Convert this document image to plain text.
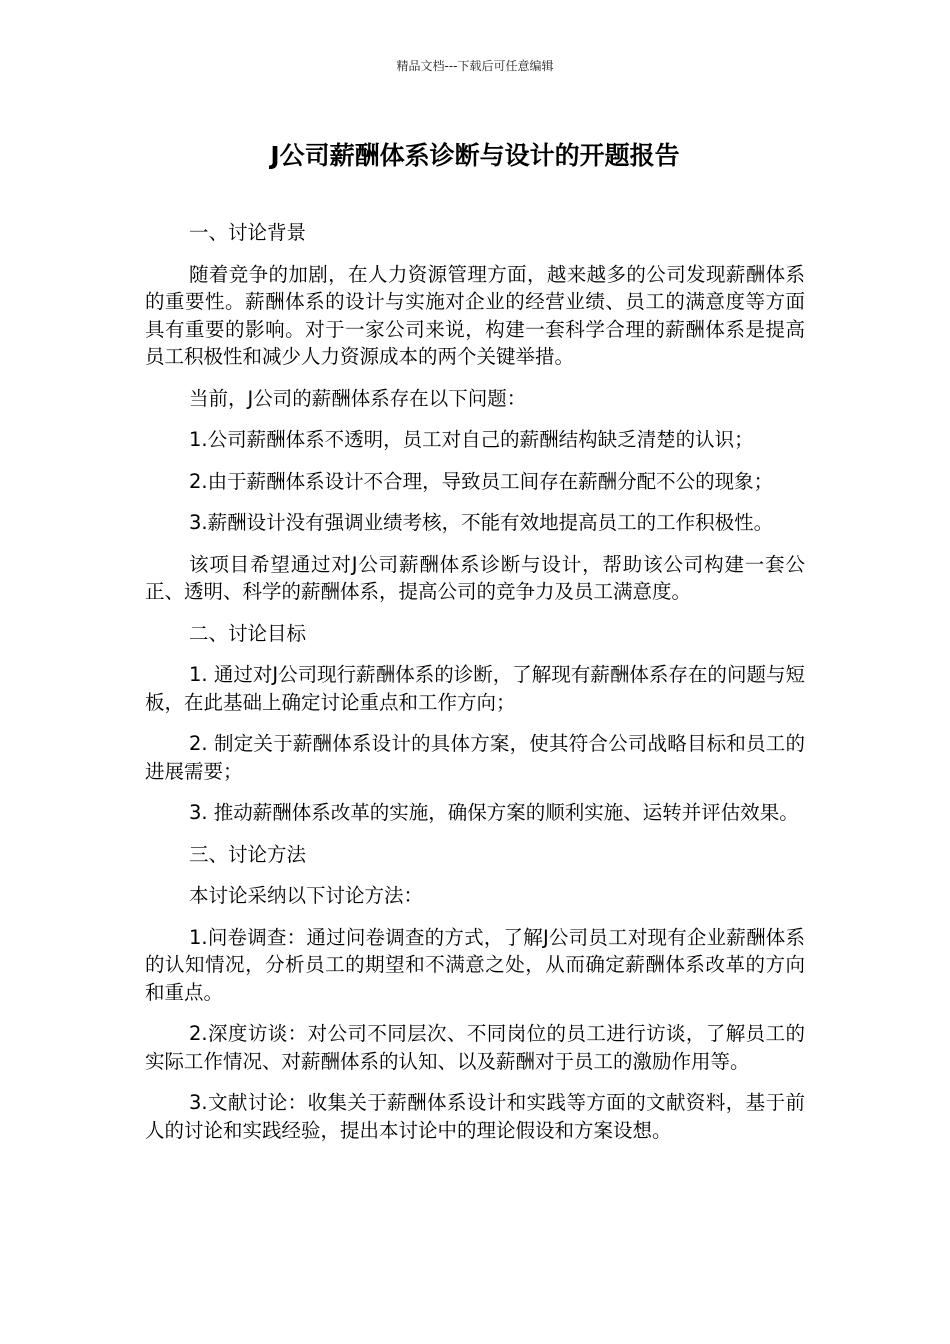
精品文档---下载后可任意编辑
J公司薪酬体系诊断与设计的开题报告

一、讨论背景

随着竞争的加剧，在人力资源管理方面，越来越多的公司发现薪酬体系的重要性。薪酬体系的设计与实施对企业的经营业绩、员工的满意度等方面具有重要的影响。对于一家公司来说，构建一套科学合理的薪酬体系是提高员工积极性和减少人力资源成本的两个关键举措。

当前，J公司的薪酬体系存在以下问题：

1.公司薪酬体系不透明，员工对自己的薪酬结构缺乏清楚的认识；

2.由于薪酬体系设计不合理，导致员工间存在薪酬分配不公的现象；

3.薪酬设计没有强调业绩考核，不能有效地提高员工的工作积极性。

该项目希望通过对J公司薪酬体系诊断与设计，帮助该公司构建一套公正、透明、科学的薪酬体系，提高公司的竞争力及员工满意度。

二、讨论目标

1. 通过对J公司现行薪酬体系的诊断，了解现有薪酬体系存在的问题与短板，在此基础上确定讨论重点和工作方向；

2. 制定关于薪酬体系设计的具体方案，使其符合公司战略目标和员工的进展需要；

3. 推动薪酬体系改革的实施，确保方案的顺利实施、运转并评估效果。

三、讨论方法

本讨论采纳以下讨论方法：

1.问卷调查：通过问卷调查的方式，了解J公司员工对现有企业薪酬体系的认知情况，分析员工的期望和不满意之处，从而确定薪酬体系改革的方向和重点。

2.深度访谈：对公司不同层次、不同岗位的员工进行访谈，了解员工的实际工作情况、对薪酬体系的认知、以及薪酬对于员工的激励作用等。

3.文献讨论：收集关于薪酬体系设计和实践等方面的文献资料，基于前人的讨论和实践经验，提出本讨论中的理论假设和方案设想。
